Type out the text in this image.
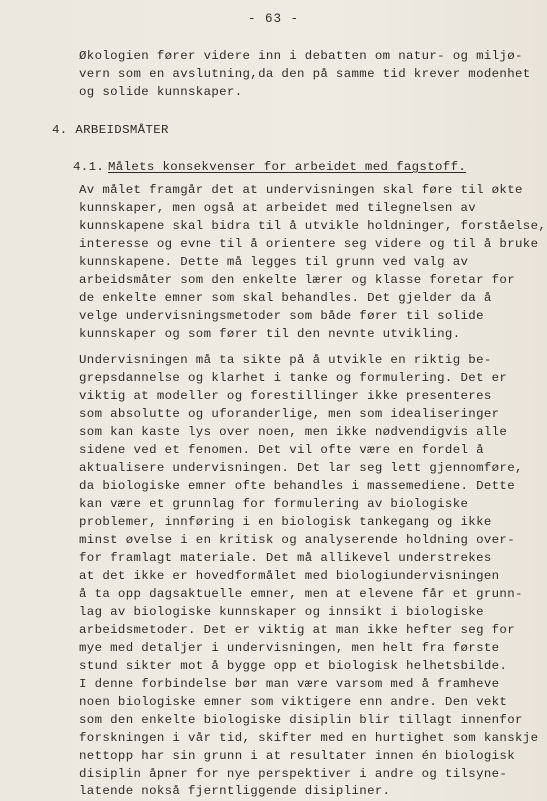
- 63 -
Økologien fører videre inn i debatten om natur- og miljø-
vern som en avslutning,da den på samme tid krever modenhet
og solide kunnskaper.
4. ARBEIDSMÅTER
4.1. Målets konsekvenser for arbeidet med fagstoff.
Av målet framgår det at undervisningen skal føre til økte
kunnskaper, men også at arbeidet med tilegnelsen av
kunnskapene skal bidra til å utvikle holdninger, forståelse,
interesse og evne til å orientere seg videre og til å bruke
kunnskapene. Dette må legges til grunn ved valg av
arbeidsmåter som den enkelte lærer og klasse foretar for
de enkelte emner som skal behandles. Det gjelder da å
velge undervisningsmetoder som både fører til solide
kunnskaper og som fører til den nevnte utvikling.
Undervisningen må ta sikte på å utvikle en riktig be-
grepsdannelse og klarhet i tanke og formulering. Det er
viktig at modeller og forestillinger ikke presenteres
som absolutte og uforanderlige, men som idealiseringer
som kan kaste lys over noen, men ikke nødvendigvis alle
sidene ved et fenomen. Det vil ofte være en fordel å
aktualisere undervisningen. Det lar seg lett gjennomføre,
da biologiske emner ofte behandles i massemediene. Dette
kan være et grunnlag for formulering av biologiske
problemer, innføring i en biologisk tankegang og ikke
minst øvelse i en kritisk og analyserende holdning over-
for framlagt materiale. Det må allikevel understrekes
at det ikke er hovedformålet med biologiundervisningen
å ta opp dagsaktuelle emner, men at elevene får et grunn-
lag av biologiske kunnskaper og innsikt i biologiske
arbeidsmetoder. Det er viktig at man ikke hefter seg for
mye med detaljer i undervisningen, men helt fra første
stund sikter mot å bygge opp et biologisk helhetsbilde.
I denne forbindelse bør man være varsom med å framheve
noen biologiske emner som viktigere enn andre. Den vekt
som den enkelte biologiske disiplin blir tillagt innenfor
forskningen i vår tid, skifter med en hurtighet som kanskje
nettopp har sin grunn i at resultater innen én biologisk
disiplin åpner for nye perspektiver i andre og tilsyne-
latende nokså fjerntliggende disipliner.
